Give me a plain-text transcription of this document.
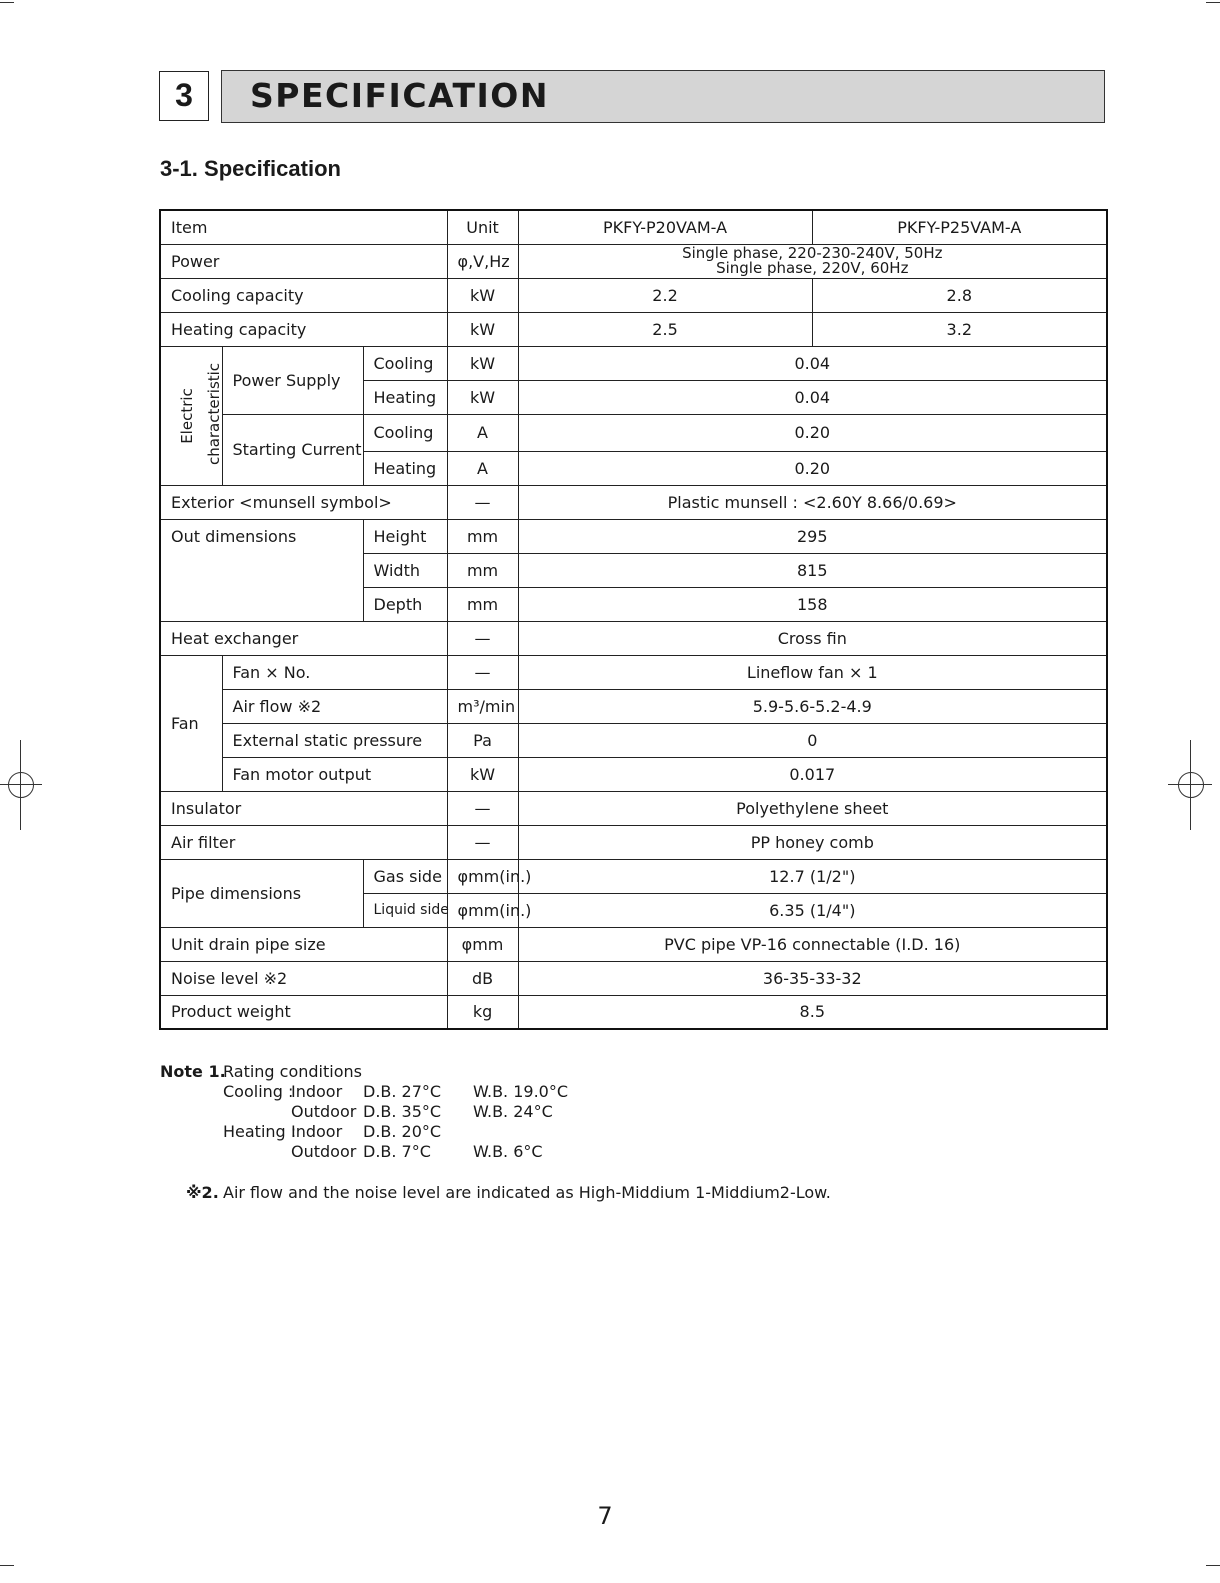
3	SPECIFICATION
3-1. Specification
Item			Unit	PKFY-P20VAM-A	PKFY-P25VAM-A
Power			φ,V,Hz	Single phase, 220-230-240V, 50Hz
Single phase, 220V, 60Hz	

Cooling capacity			kW	2.2	2.8
Heating capacity			kW	2.5	3.2

Electric characteristic	Power Supply	Cooling	kW	0.04	
		Heating	kW	0.04	
	Starting Current	Cooling	A	0.20	
		Heating	A	0.20	
Exterior <munsell symbol>			—	Plastic munsell : <2.60Y 8.66/0.69>	
Out dimensions		Height	mm	295	
		Width	mm	815	
		Depth	mm	158	
Heat exchanger			—	Cross fin	
Fan	Fan × No.		—	Lineflow fan × 1	
	Air flow ※2		m³/min	5.9-5.6-5.2-4.9	
	External static pressure		Pa	0	
	Fan motor output		kW	0.017	
Insulator			—	Polyethylene sheet	
Air filter			—	PP honey comb	
Pipe dimensions		Gas side	φmm(in.)	12.7 (1/2")	
		Liquid side	φmm(in.)	6.35 (1/4")	
Unit drain pipe size			φmm	PVC pipe VP-16 connectable (I.D. 16)	
Noise level ※2			dB	36-35-33-32	
Product weight			kg	8.5	
Note 1.
Rating conditions
Cooling :
Indoor D.B. 27°C W.B. 19.0°C
Outdoor D.B. 35°C W.B. 24°C
Heating :
Indoor D.B. 20°C
Outdoor D.B. 7°C	W.B. 6°C
※2. Air flow and the noise level are indicated as High-Middium 1-Middium2-Low.
7
